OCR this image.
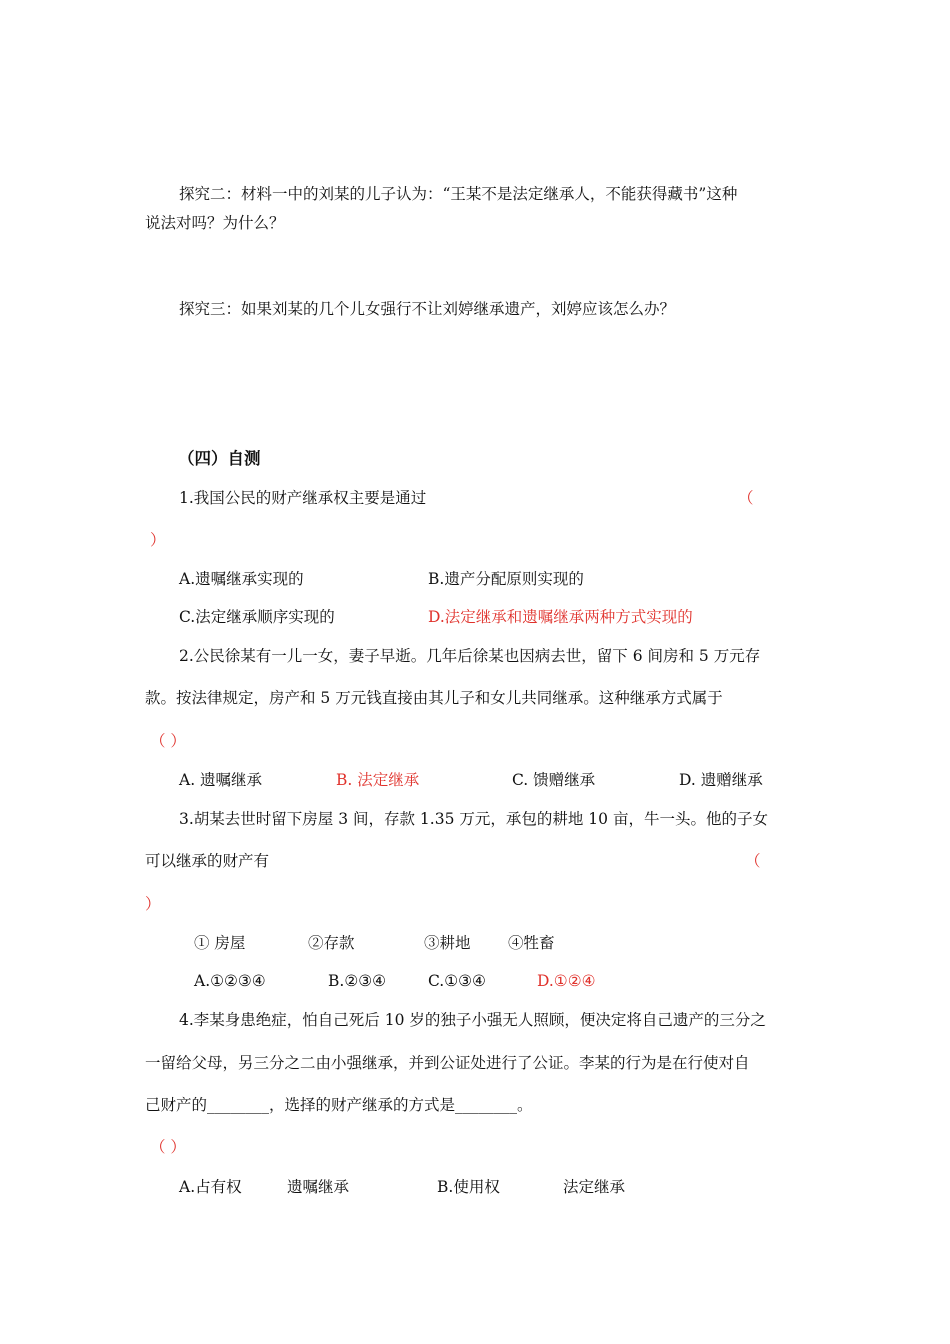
探究二：材料一中的刘某的儿子认为：“王某不是法定继承人，不能获得藏书”这种
说法对吗？为什么？
探究三：如果刘某的几个儿女强行不让刘婷继承遗产，刘婷应该怎么办？
（四）自测
1.我国公民的财产继承权主要是通过	（
）
A.遗嘱继承实现的	B.遗产分配原则实现的
C.法定继承顺序实现的	D.法定继承和遗嘱继承两种方式实现的
2.公民徐某有一儿一女，妻子早逝。几年后徐某也因病去世，留下 6 间房和 5 万元存
款。按法律规定，房产和 5 万元钱直接由其儿子和女儿共同继承。这种继承方式属于
（ ）
A. 遗嘱继承	B. 法定继承	C. 馈赠继承	D. 遗赠继承
3.胡某去世时留下房屋 3 间，存款 1.35 万元，承包的耕地 10 亩，牛一头。他的子女
可以继承的财产有	（
）
① 房屋	②存款	③耕地 ④牲畜
A.①②③④	B.②③④	C.①③④	D.①②④
4.李某身患绝症，怕自己死后 10 岁的独子小强无人照顾，便决定将自己遗产的三分之
一留给父母，另三分之二由小强继承，并到公证处进行了公证。李某的行为是在行使对自
己财产的________，选择的财产继承的方式是________。
（ ）
A.占有权	遗嘱继承	B.使用权	法定继承
